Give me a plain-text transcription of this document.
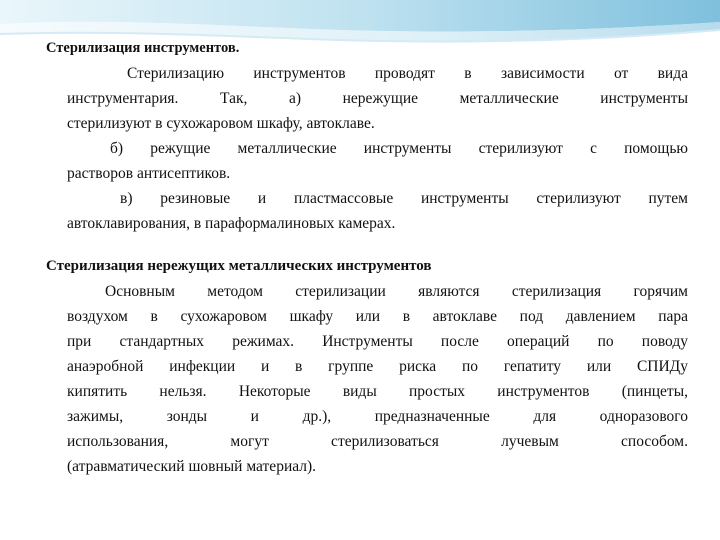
Стерилизация инструментов.

Стерилизацию инструментов проводят в зависимости от вида
инструментария. Так, а) нережущие металлические инструменты
стерилизуют в сухожаровом шкафу, автоклаве.

б) режущие металлические инструменты стерилизуют с помощью
растворов антисептиков.

в) резиновые и пластмассовые инструменты стерилизуют путем
автоклавирования, в параформалиновых камерах.

Стерилизация нережущих металлических инструментов

Основным методом стерилизации являются стерилизация горячим
воздухом в сухожаровом шкафу или в автоклаве под давлением пара
при стандартных режимах. Инструменты после операций по поводу
анаэробной инфекции и в группе риска по гепатиту или СПИДу
кипятить нельзя. Некоторые виды простых инструментов (пинцеты,
зажимы, зонды и др.), предназначенные для одноразового
использования, могут стерилизоваться лучевым способом.
(атравматический шовный материал).
